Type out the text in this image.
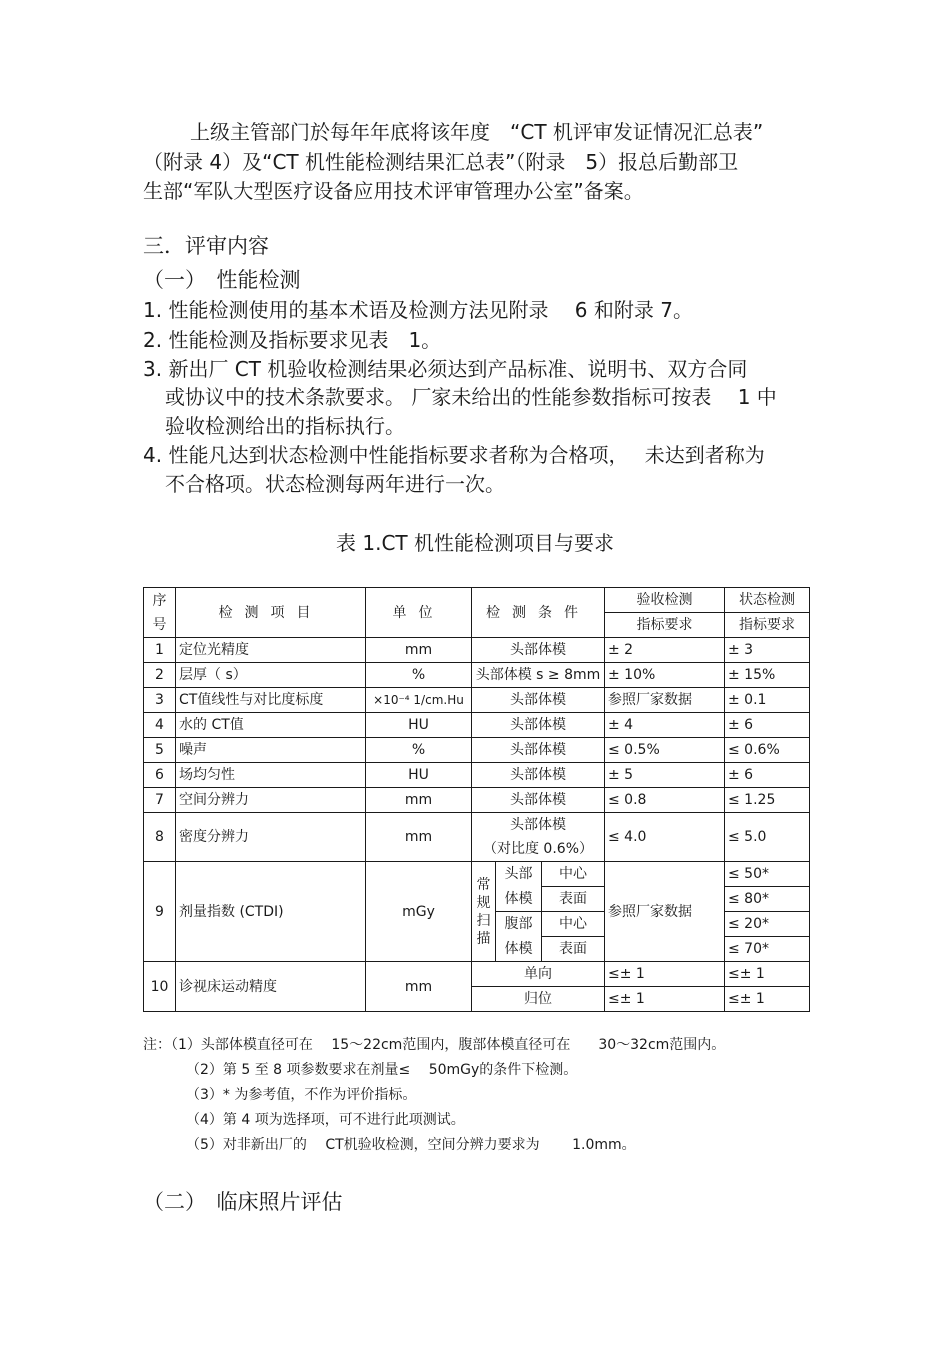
上级主管部门於每年年底将该年度　“CT 机评审发证情况汇总表”
（附录 4）及“CT 机性能检测结果汇总表”（附录　5）报总后勤部卫
生部“军队大型医疗设备应用技术评审管理办公室”备案。
三．评审内容
（一）　性能检测
1. 性能检测使用的基本术语及检测方法见附录　 6 和附录 7。
2. 性能检测及指标要求见表　1。
3. 新出厂 CT 机验收检测结果必须达到产品标准、说明书、双方合同
或协议中的技术条款要求。 厂家未给出的性能参数指标可按表　 1 中
验收检测给出的指标执行。
4. 性能凡达到状态检测中性能指标要求者称为合格项，　 未达到者称为
不合格项。状态检测每两年进行一次。
表 1.CT 机性能检测项目与要求
序
号	检测项目	单位	检测条件			验收检测	状态检测
						指标要求	指标要求
1	定位光精度	mm	头部体模			± 2	± 3
2	层厚（ s）	%	头部体模 s ≥ 8mm			± 10%	± 15%
3	CT值线性与对比度标度	×10⁻⁴ 1/cm.Hu	头部体模			参照厂家数据	± 0.1
4	水的 CT值	HU	头部体模			± 4	± 6
5	噪声	%	头部体模			≤ 0.5%	≤ 0.6%
6	场均匀性	HU	头部体模			± 5	± 6
7	空间分辨力	mm	头部体模			≤ 0.8	≤ 1.25
8	密度分辨力	mm	头部体模			≤ 4.0	≤ 5.0
			（对比度 0.6%）				
9	剂量指数 (CTDI)	mGy	常
规
扫
描	头部	中心	参照厂家数据	≤ 50*
				体模	表面		≤ 80*
				腹部	中心		≤ 20*
				体模	表面		≤ 70*
10	诊视床运动精度	mm	单向			≤± 1	≤± 1
			归位			≤± 1	≤± 1
注：（1）头部体模直径可在　 15～22cm范围内，腹部体模直径可在　　30～32cm范围内。
（2）第 5 至 8 项参数要求在剂量≤　 50mGy的条件下检测。
（3）* 为参考值，不作为评价指标。
（4）第 4 项为选择项，可不进行此项测试。
（5）对非新出厂的　 CT机验收检测，空间分辨力要求为　　 1.0mm。
（二）　临床照片评估
